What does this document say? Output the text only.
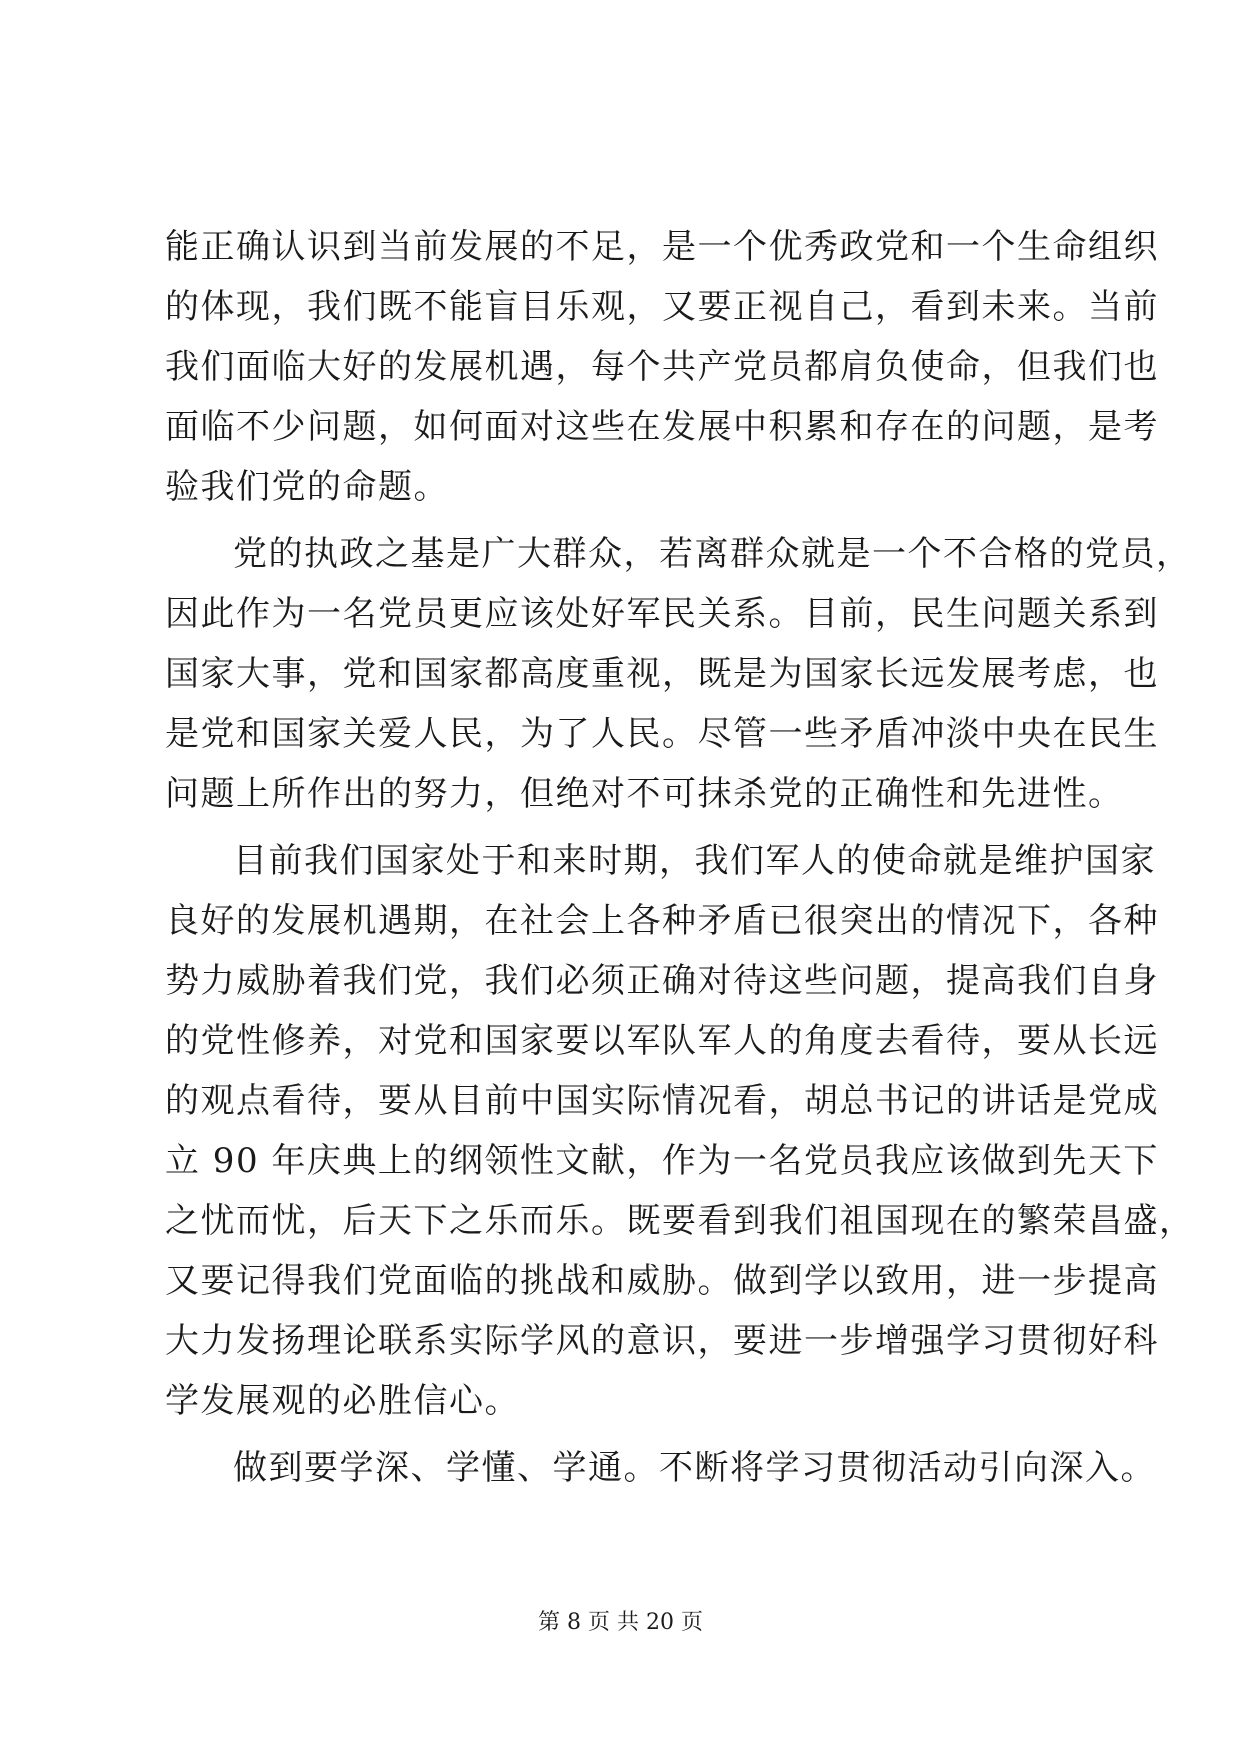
能正确认识到当前发展的不足，是一个优秀政党和一个生命组织
的体现，我们既不能盲目乐观，又要正视自己，看到未来。当前
我们面临大好的发展机遇，每个共产党员都肩负使命，但我们也
面临不少问题，如何面对这些在发展中积累和存在的问题，是考
验我们党的命题。
党的执政之基是广大群众，若离群众就是一个不合格的党员，
因此作为一名党员更应该处好军民关系。目前，民生问题关系到
国家大事，党和国家都高度重视，既是为国家长远发展考虑，也
是党和国家关爱人民，为了人民。尽管一些矛盾冲淡中央在民生
问题上所作出的努力，但绝对不可抹杀党的正确性和先进性。
目前我们国家处于和来时期，我们军人的使命就是维护国家
良好的发展机遇期，在社会上各种矛盾已很突出的情况下，各种
势力威胁着我们党，我们必须正确对待这些问题，提高我们自身
的党性修养，对党和国家要以军队军人的角度去看待，要从长远
的观点看待，要从目前中国实际情况看，胡总书记的讲话是党成
立 90 年庆典上的纲领性文献，作为一名党员我应该做到先天下
之忧而忧，后天下之乐而乐。既要看到我们祖国现在的繁荣昌盛，
又要记得我们党面临的挑战和威胁。做到学以致用，进一步提高
大力发扬理论联系实际学风的意识，要进一步增强学习贯彻好科
学发展观的必胜信心。
做到要学深、学懂、学通。不断将学习贯彻活动引向深入。
第 8 页 共 20 页
